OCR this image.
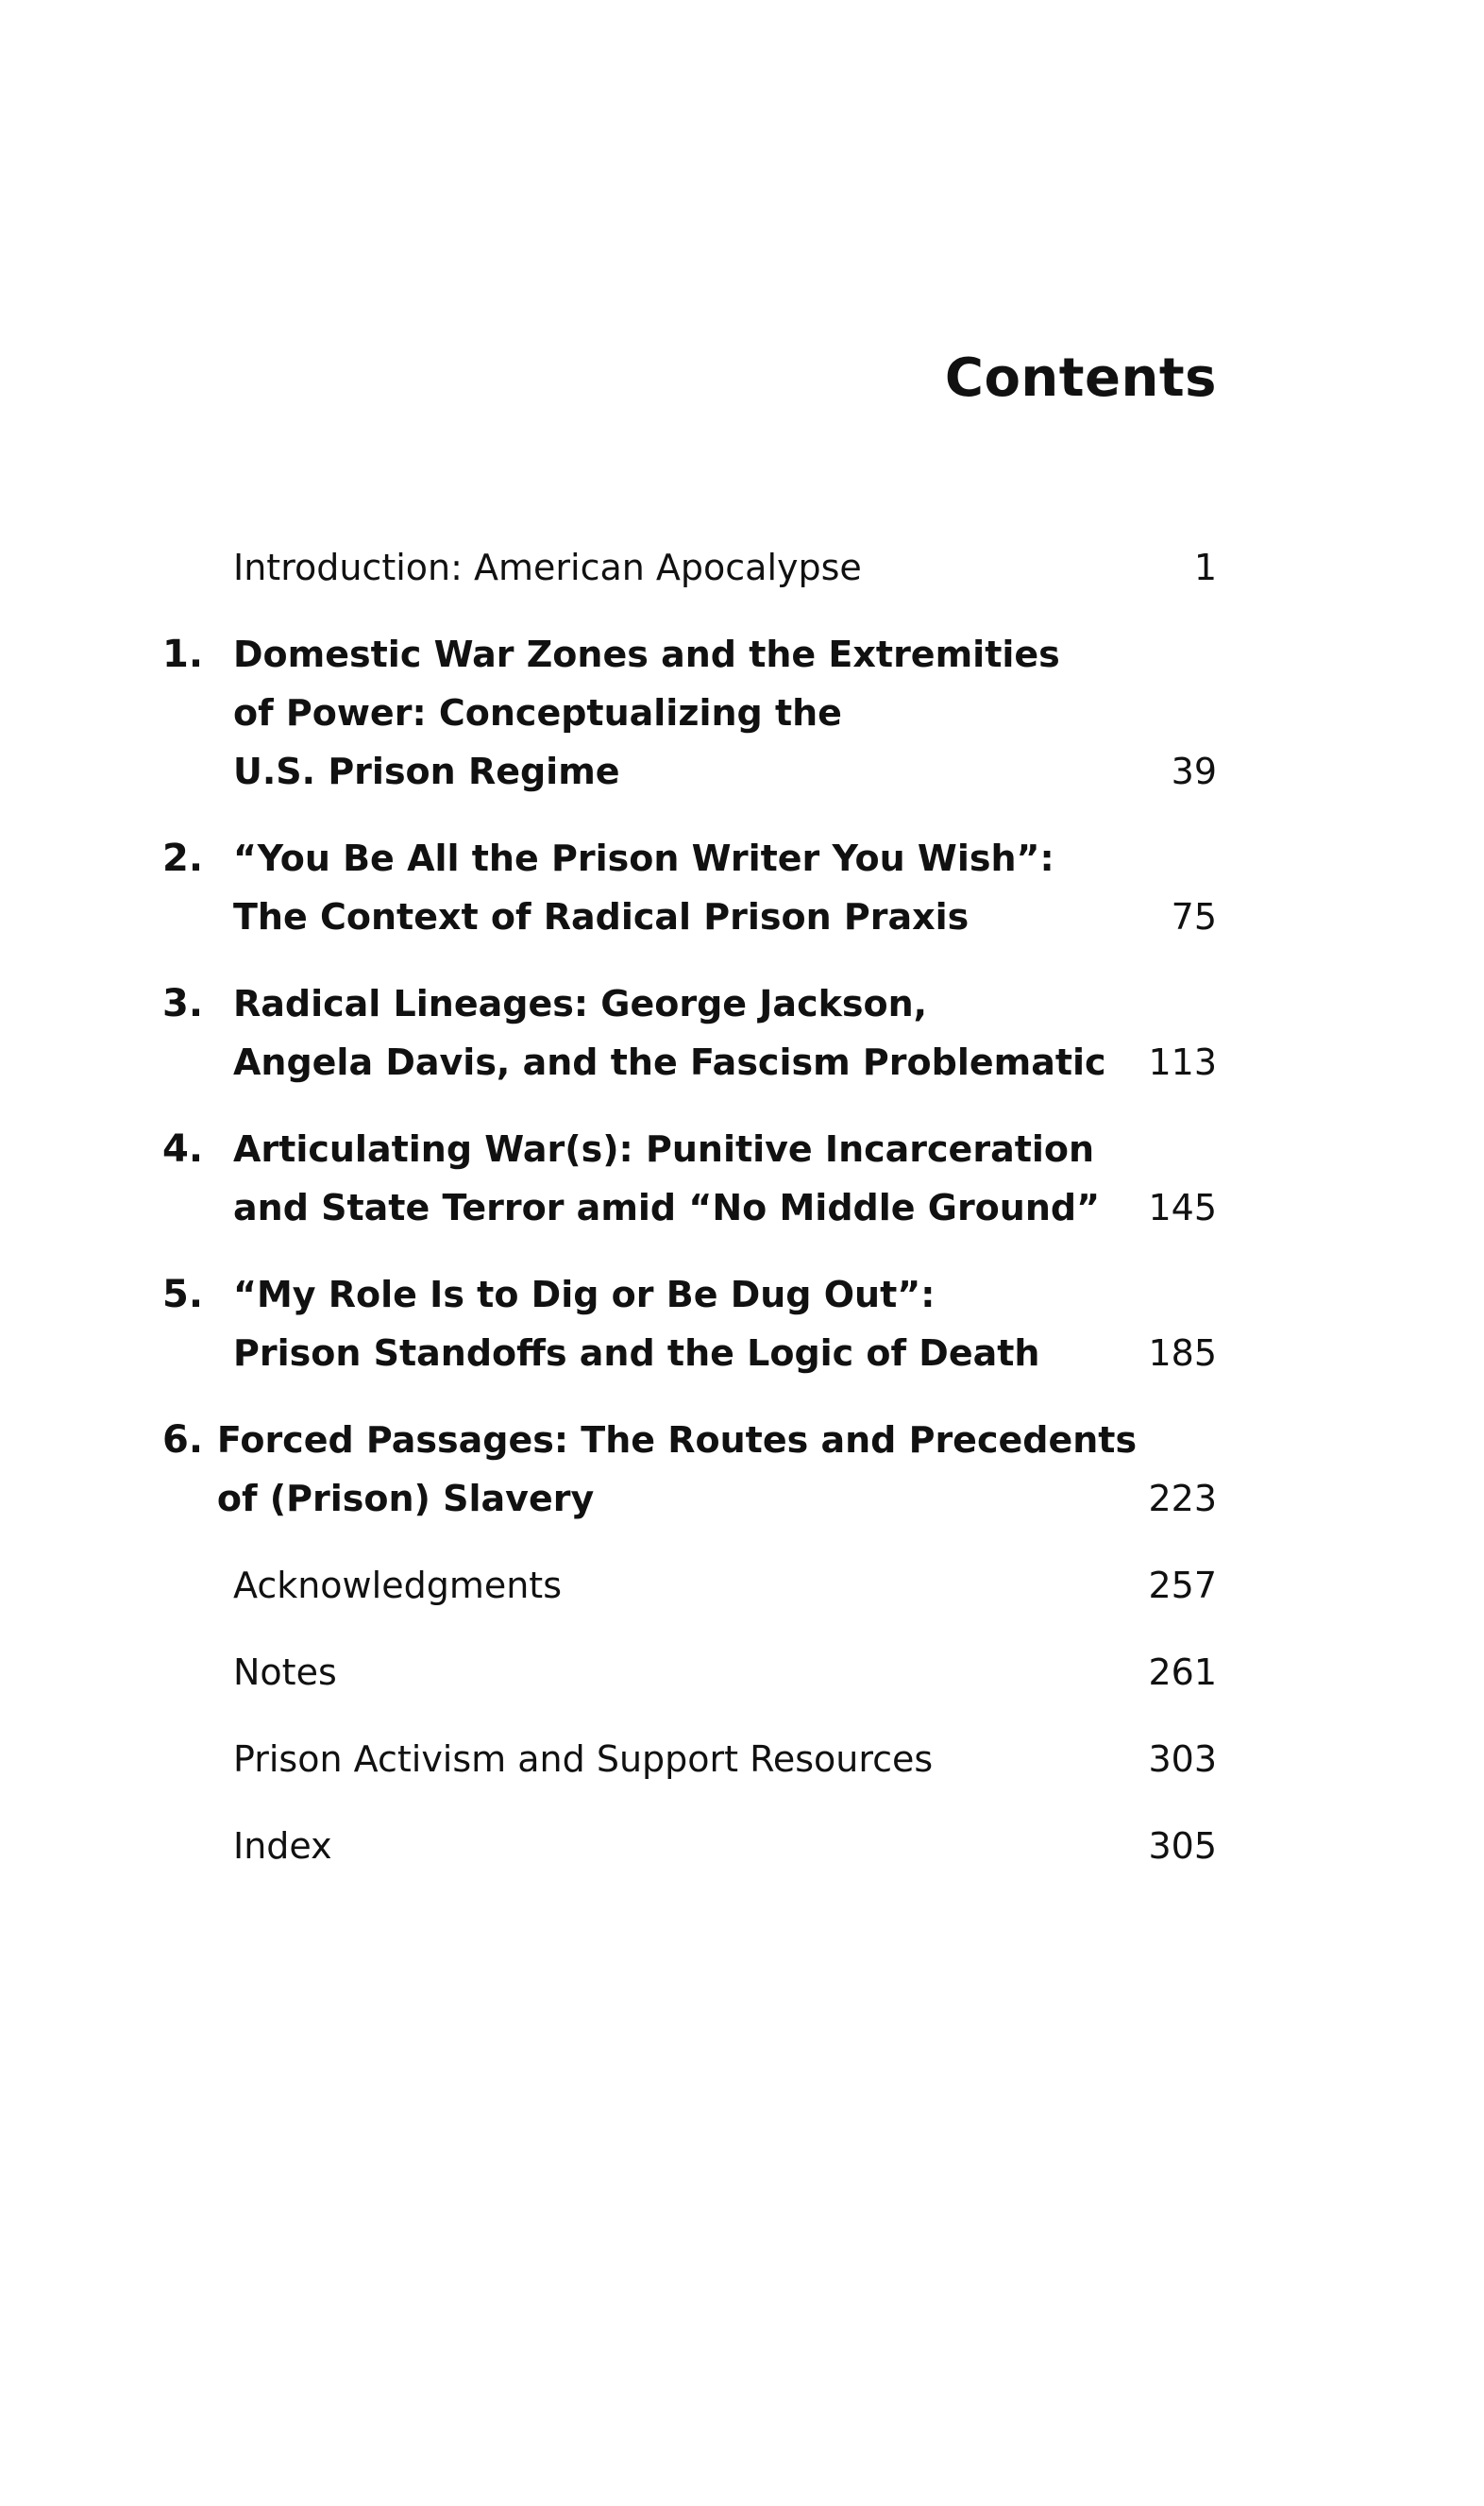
Contents
Introduction: American Apocalypse	1
1. Domestic War Zones and the Extremities
of Power: Conceptualizing the
U.S. Prison Regime	39
2. “You Be All the Prison Writer You Wish”:
The Context of Radical Prison Praxis	75
3. Radical Lineages: George Jackson,
Angela Davis, and the Fascism Problematic	113
4. Articulating War(s): Punitive Incarceration
and State Terror amid “No Middle Ground”	145
5. “My Role Is to Dig or Be Dug Out”:
Prison Standoffs and the Logic of Death	185
6. Forced Passages: The Routes and Precedents
of (Prison) Slavery	223
Acknowledgments	257
Notes	261
Prison Activism and Support Resources	303
Index	305
